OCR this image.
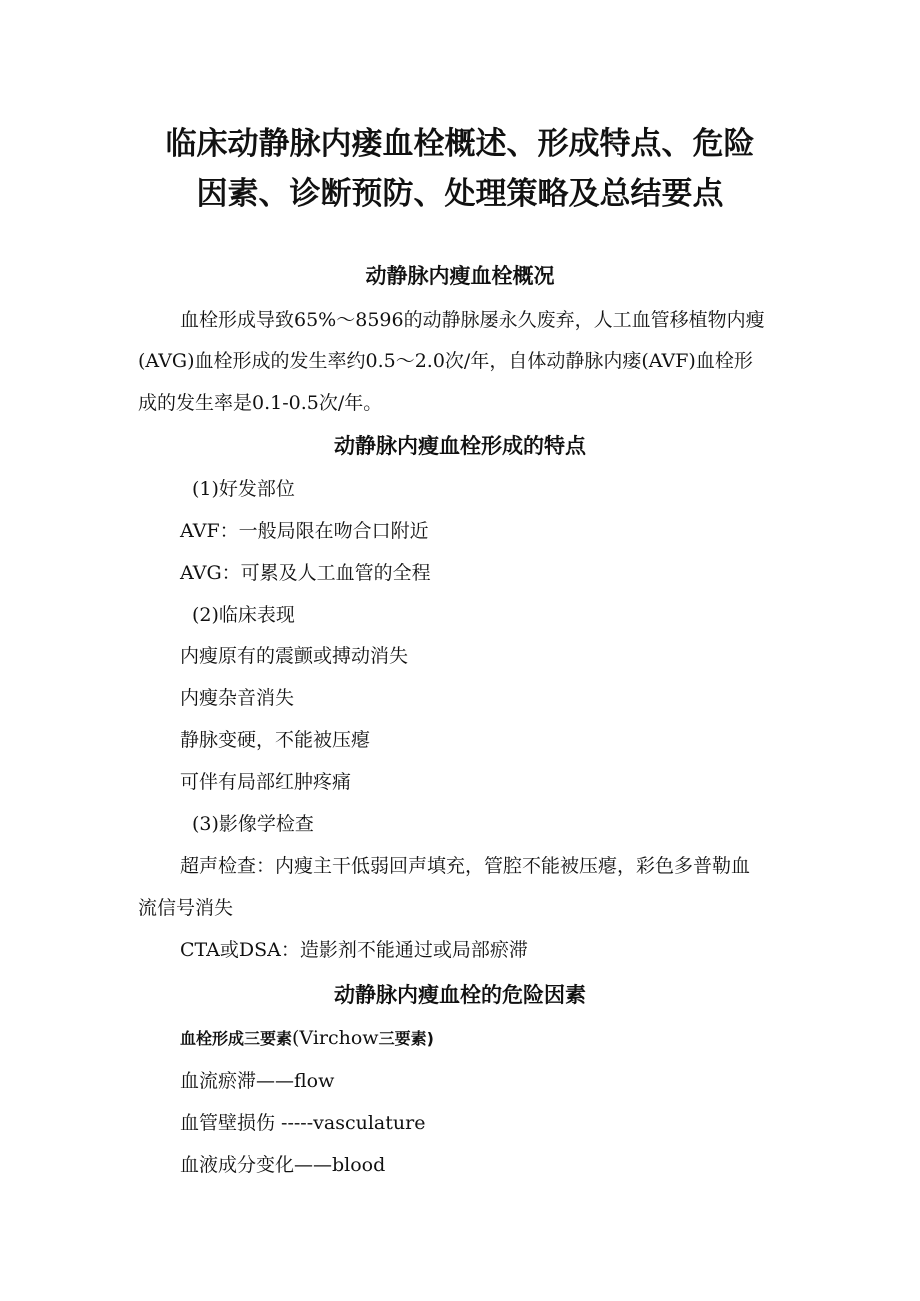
临床动静脉内瘘血栓概述、形成特点、危险
因素、诊断预防、处理策略及总结要点
动静脉内瘦血栓概况

血栓形成导致65%～8596的动静脉屡永久废弃，人工血管移植物内瘦

(AVG)血栓形成的发生率约0.5～2.0次/年，自体动静脉内瘘(AVF)血栓形

成的发生率是0.1-0.5次/年。

动静脉内瘦血栓形成的特点

(1)好发部位

AVF：一般局限在吻合口附近

AVG：可累及人工血管的全程

(2)临床表现

内瘦原有的震颤或搏动消失

内瘦杂音消失

静脉变硬，不能被压瘪

可伴有局部红肿疼痛

(3)影像学检查

超声检查：内瘦主干低弱回声填充，管腔不能被压瘪，彩色多普勒血

流信号消失

CTA或DSA：造影剂不能通过或局部瘀滞

动静脉内瘦血栓的危险因素

血栓形成三要素(Virchow三要素)

血流瘀滞——flow

血管壁损伤 -----vasculature

血液成分变化——blood
